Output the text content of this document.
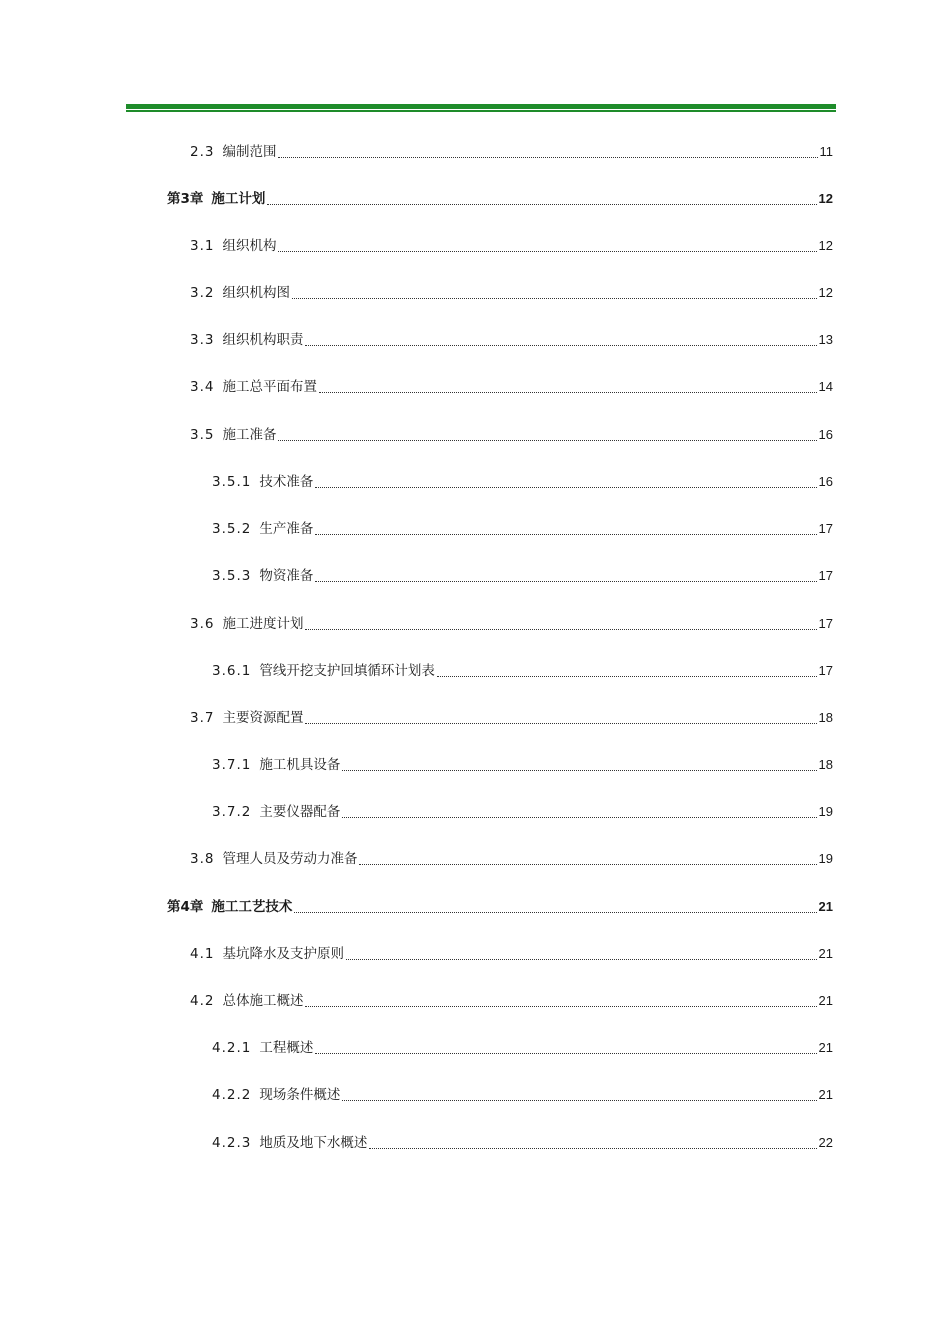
2.3 编制范围	11
第3章 施工计划	12
3.1 组织机构	12
3.2 组织机构图	12
3.3 组织机构职责	13
3.4 施工总平面布置	14
3.5 施工准备	16
3.5.1 技术准备	16
3.5.2 生产准备	17
3.5.3 物资准备	17
3.6 施工进度计划	17
3.6.1 管线开挖支护回填循环计划表	17
3.7 主要资源配置	18
3.7.1 施工机具设备	18
3.7.2 主要仪器配备	19
3.8 管理人员及劳动力准备	19
第4章 施工工艺技术	21
4.1 基坑降水及支护原则	21
4.2 总体施工概述	21
4.2.1 工程概述	21
4.2.2 现场条件概述	21
4.2.3 地质及地下水概述	22
